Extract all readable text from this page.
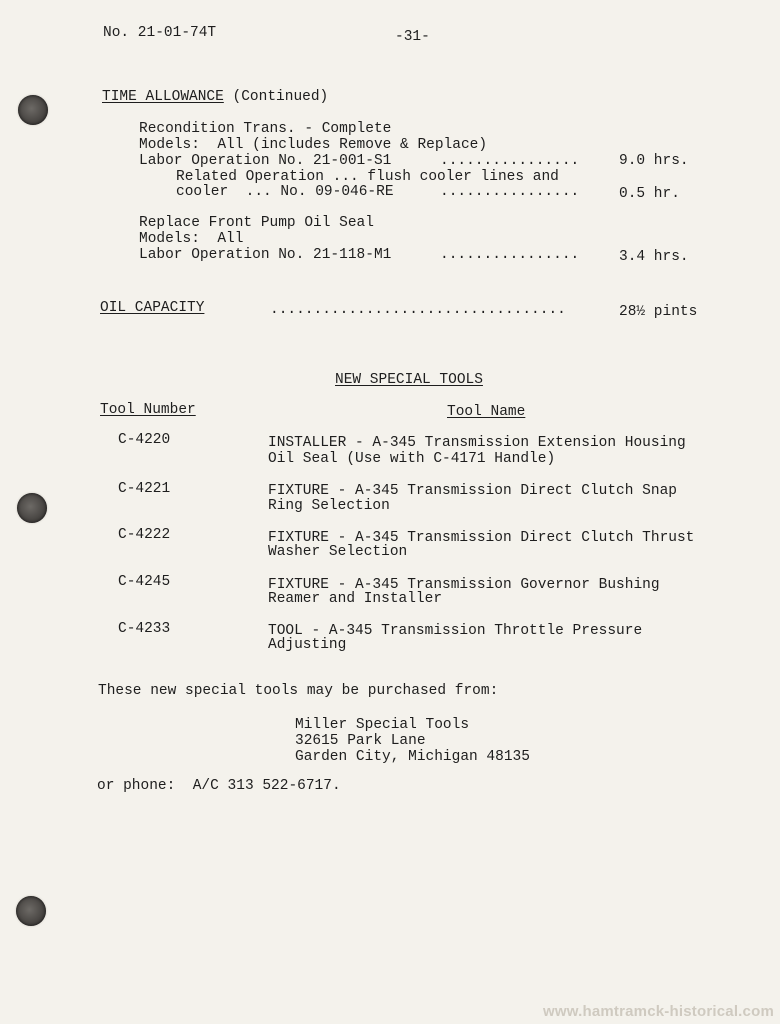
No. 21-01-74T	-31-
TIME ALLOWANCE (Continued)
Recondition Trans. - Complete
Models:  All (includes Remove & Replace)
Labor Operation No. 21-001-S1	................	9.0 hrs.
Related Operation ... flush cooler lines and
cooler  ... No. 09-046-RE	................	0.5 hr.
Replace Front Pump Oil Seal
Models:  All
Labor Operation No. 21-118-M1	................	3.4 hrs.
OIL CAPACITY	..................................	28½ pints
NEW SPECIAL TOOLS
Tool Number	Tool Name
C-4220	INSTALLER - A-345 Transmission Extension Housing
Oil Seal (Use with C-4171 Handle)
C-4221	FIXTURE - A-345 Transmission Direct Clutch Snap
Ring Selection
C-4222	FIXTURE - A-345 Transmission Direct Clutch Thrust
Washer Selection
C-4245	FIXTURE - A-345 Transmission Governor Bushing
Reamer and Installer
C-4233	TOOL - A-345 Transmission Throttle Pressure
Adjusting
These new special tools may be purchased from:
Miller Special Tools
32615 Park Lane
Garden City, Michigan 48135
or phone: A/C 313 522-6717.
www.hamtramck-historical.com
